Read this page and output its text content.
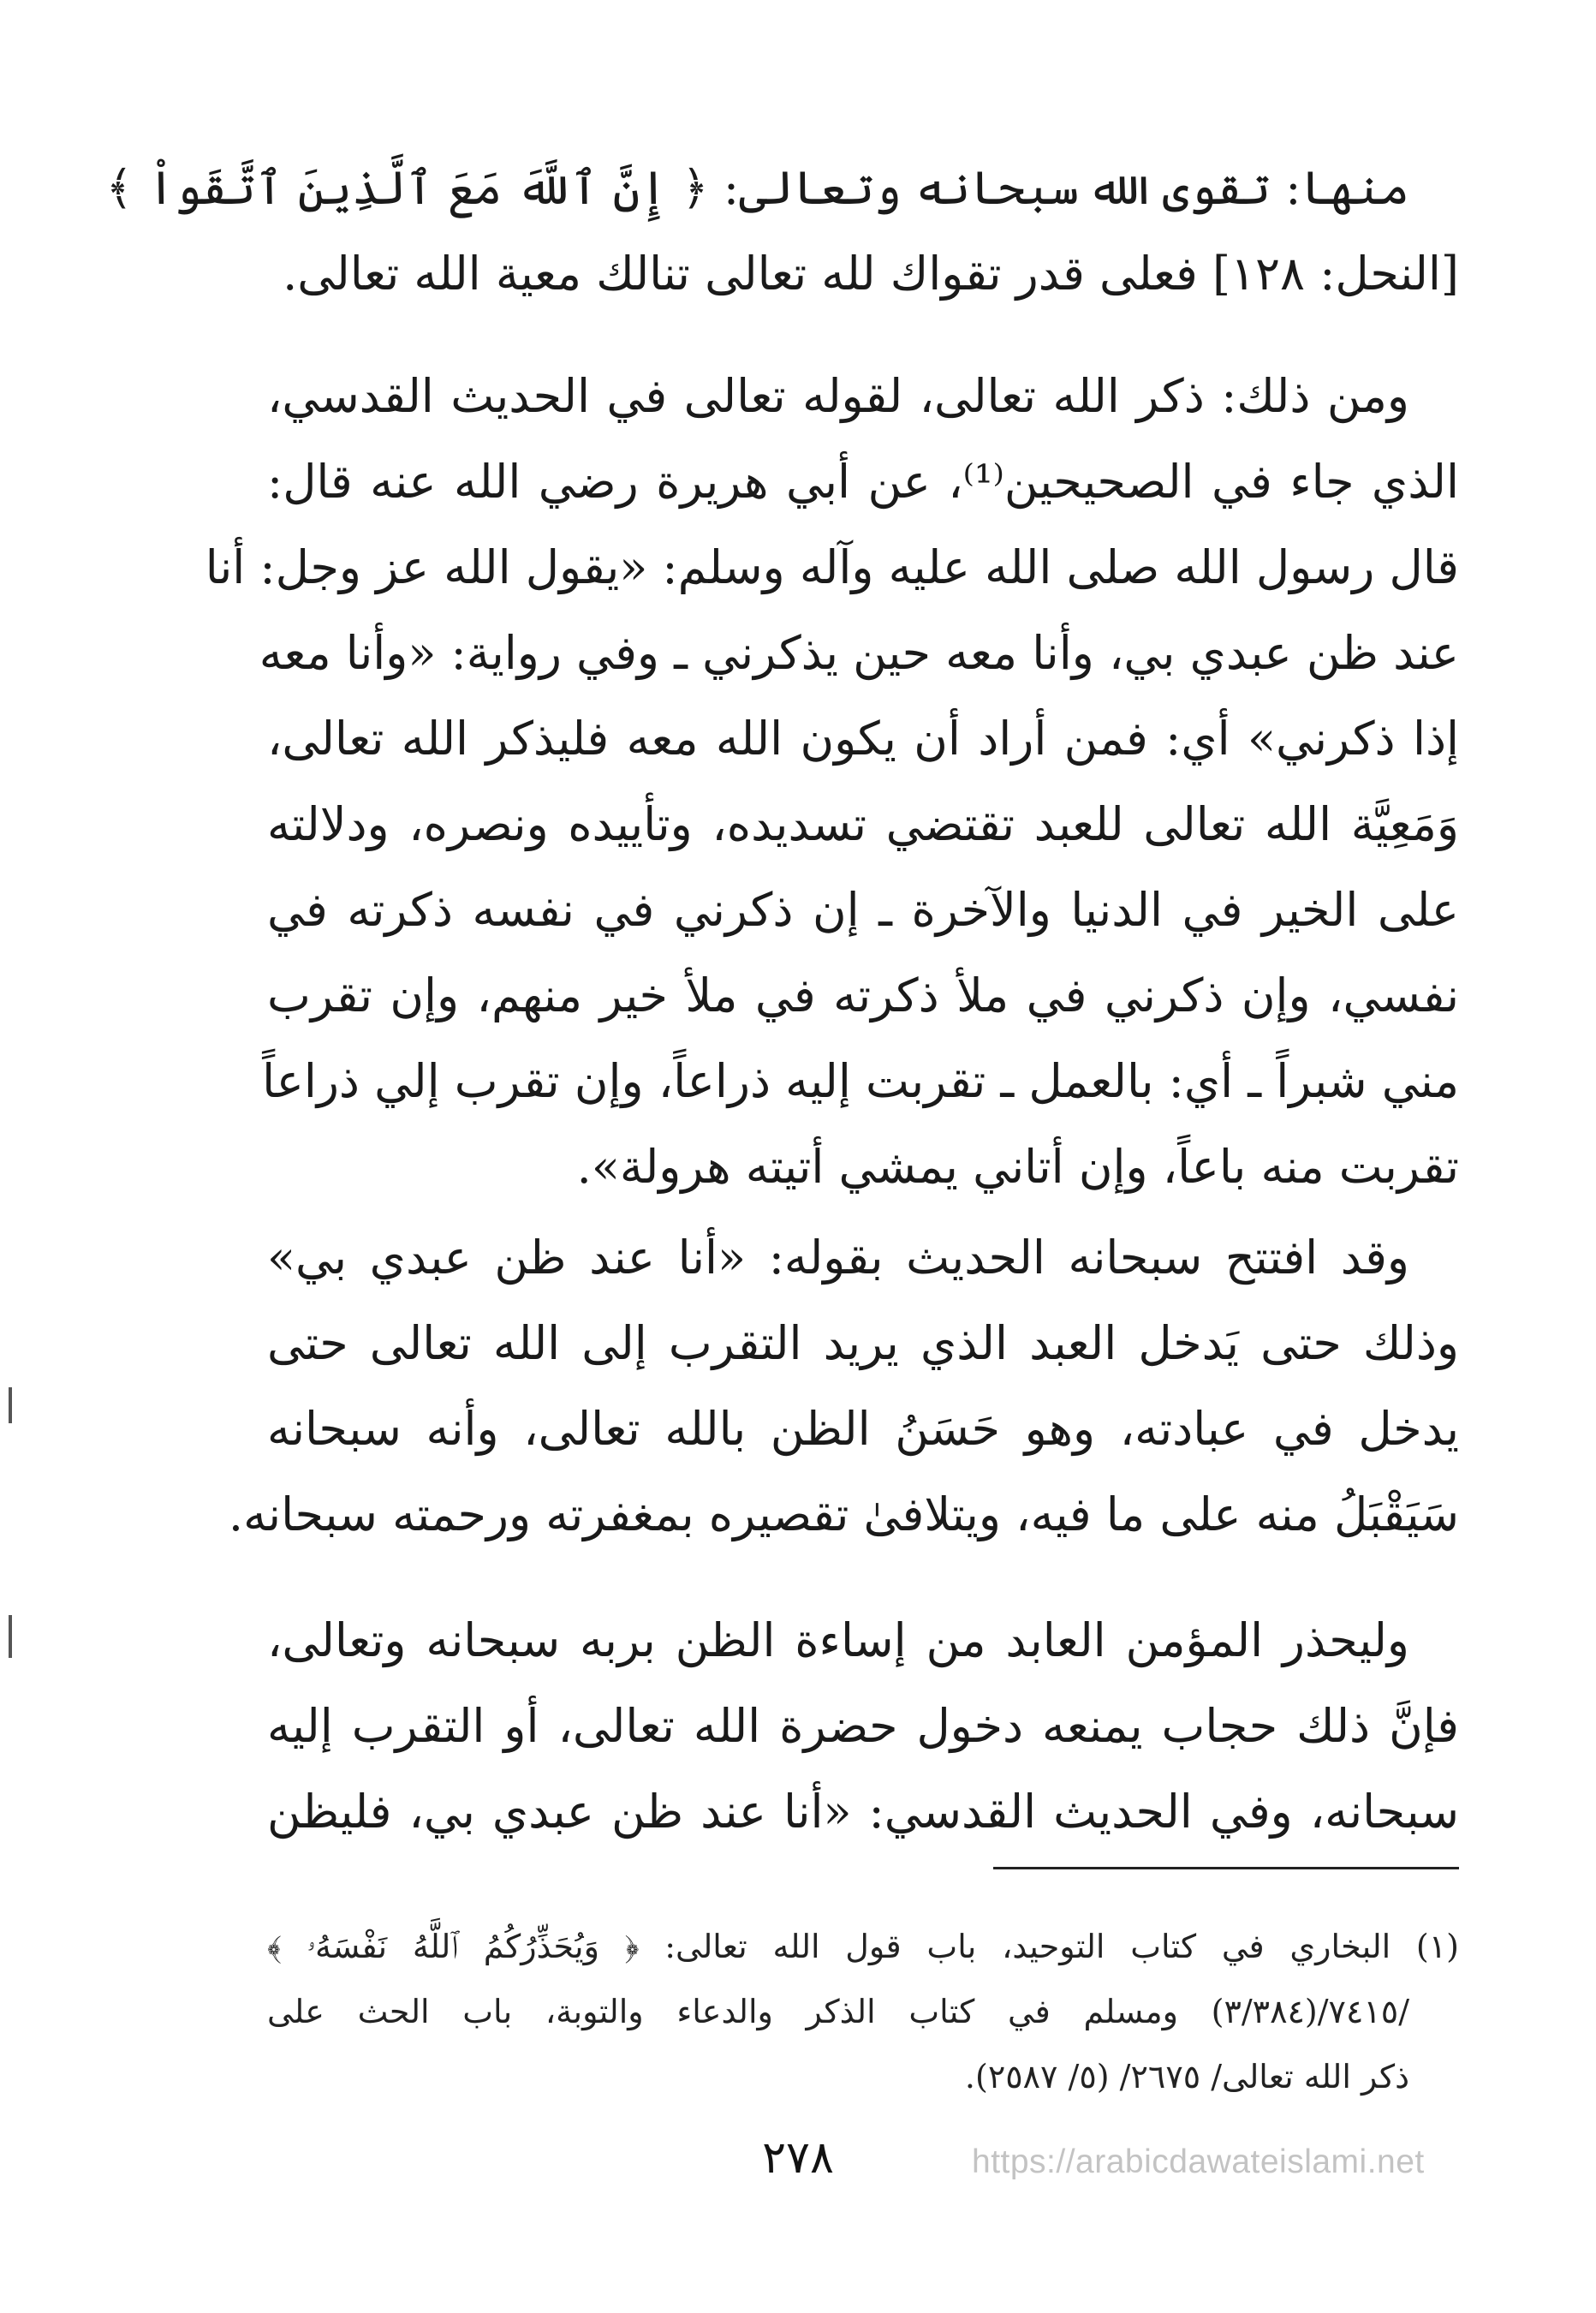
منها: تقوى الله سبحانه وتعالى: ﴿ إِنَّ ٱللَّهَ مَعَ ٱلَّذِينَ ٱتَّقَواْ ﴾
[النحل: ١٢٨] فعلى قدر تقواك لله تعالى تنالك معية الله تعالى.
ومن ذلك: ذكر الله تعالى، لقوله تعالى في الحديث القدسي،
الذي جاء في الصحيحين⁽¹⁾، عن أبي هريرة رضي الله عنه قال:
قال رسول الله صلى الله عليه وآله وسلم: «يقول الله عز وجل: أنا
عند ظن عبدي بي، وأنا معه حين يذكرني ـ وفي رواية: «وأنا معه
إذا ذكرني» أي: فمن أراد أن يكون الله معه فليذكر الله تعالى،
وَمَعِيَّة الله تعالى للعبد تقتضي تسديده، وتأييده ونصره، ودلالته
على الخير في الدنيا والآخرة ـ إن ذكرني في نفسه ذكرته في
نفسي، وإن ذكرني في ملأ ذكرته في ملأ خير منهم، وإن تقرب
مني شبراً ـ أي: بالعمل ـ تقربت إليه ذراعاً، وإن تقرب إلي ذراعاً
تقربت منه باعاً، وإن أتاني يمشي أتيته هرولة».
وقد افتتح سبحانه الحديث بقوله: «أنا عند ظن عبدي بي»
وذلك حتى يَدخل العبد الذي يريد التقرب إلى الله تعالى حتى
يدخل في عبادته، وهو حَسَنُ الظن بالله تعالى، وأنه سبحانه
سَيَقْبَلُ منه على ما فيه، ويتلافىٰ تقصيره بمغفرته ورحمته سبحانه.
وليحذر المؤمن العابد من إساءة الظن بربه سبحانه وتعالى،
فإنَّ ذلك حجاب يمنعه دخول حضرة الله تعالى، أو التقرب إليه
سبحانه، وفي الحديث القدسي: «أنا عند ظن عبدي بي، فليظن
(١) البخاري في كتاب التوحيد، باب قول الله تعالى: ﴿ وَيُحَذِّرُكُمُ ٱللَّهُ نَفْسَهُۥ ﴾
/٧٤١٥/(٣/٣٨٤) ومسلم في كتاب الذكر والدعاء والتوبة، باب الحث على
ذكر الله تعالى/ ٢٦٧٥/ (٥/ ٢٥٨٧).
٢٧٨	https://arabicdawateislami.net
